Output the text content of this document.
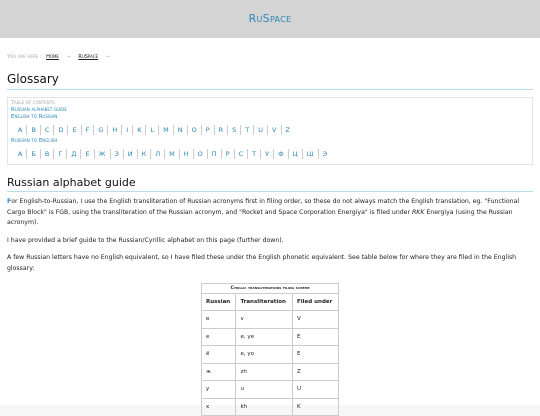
RuSpace
You are here : Home → RuSpace →
Glossary
Table of contents
Russian alphabet guide
English to Russian
A	B	C	D	E	F	G	H	I	K	L	M	N	O	P	R	S	T	U	V	Z
Russian to English
А	Б	В	Г	Д	Е	Ж	З	И	К	Л	М	Н	О	П	Р	С	Т	У	Ф	Ц	Ш	Э
Russian alphabet guide
For English-to-Russian, I use the English transliteration of Russian acronyms first in filing order, so these do not always match the English translation, eg. "Functional Cargo Block" is FGB, using the transliteration of the Russian acronym, and "Rocket and Space Corporation Energiya" is filed under RKK Energiya (using the Russian acronym).
I have provided a brief guide to the Russian/Cyrillic alphabet on this page (further down).
A few Russian letters have no English equivalent, so I have filed these under the English phonetic equivalent. See table below for where they are filed in the English glossary:
Cyrillic transliterations filing scheme
Russian	Transliteration	Filed under
в	v	V
е	e, ye	E
ё	e, yo	E
ж	zh	Z
у	u	U
х	kh	K
